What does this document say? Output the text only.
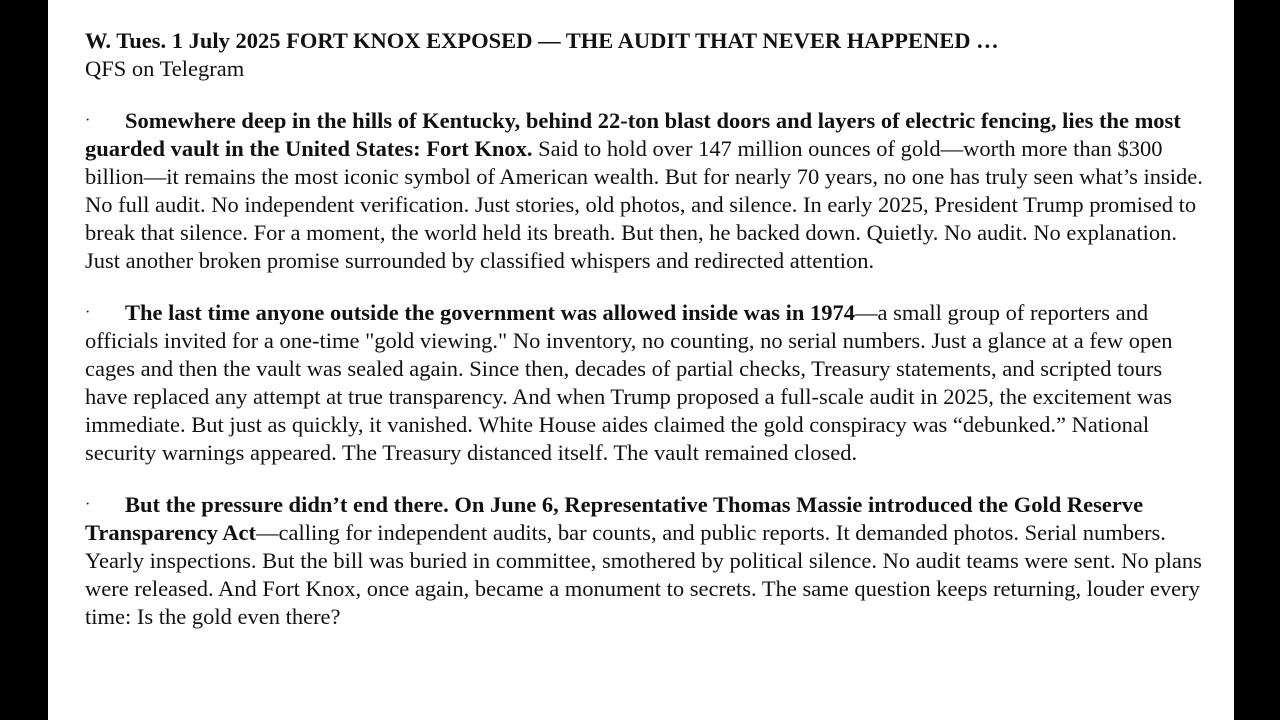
W. Tues. 1 July 2025 FORT KNOX EXPOSED — THE AUDIT THAT NEVER HAPPENED …
QFS on Telegram

· Somewhere deep in the hills of Kentucky, behind 22-ton blast doors and layers of electric fencing, lies the most guarded vault in the United States: Fort Knox. Said to hold over 147 million ounces of gold—worth more than $300 billion—it remains the most iconic symbol of American wealth. But for nearly 70 years, no one has truly seen what’s inside. No full audit. No independent verification. Just stories, old photos, and silence. In early 2025, President Trump promised to break that silence. For a moment, the world held its breath. But then, he backed down. Quietly. No audit. No explanation. Just another broken promise surrounded by classified whispers and redirected attention.

· The last time anyone outside the government was allowed inside was in 1974—a small group of reporters and officials invited for a one-time "gold viewing." No inventory, no counting, no serial numbers. Just a glance at a few open cages and then the vault was sealed again. Since then, decades of partial checks, Treasury statements, and scripted tours have replaced any attempt at true transparency. And when Trump proposed a full-scale audit in 2025, the excitement was immediate. But just as quickly, it vanished. White House aides claimed the gold conspiracy was “debunked.” National security warnings appeared. The Treasury distanced itself. The vault remained closed.

· But the pressure didn’t end there. On June 6, Representative Thomas Massie introduced the Gold Reserve Transparency Act—calling for independent audits, bar counts, and public reports. It demanded photos. Serial numbers. Yearly inspections. But the bill was buried in committee, smothered by political silence. No audit teams were sent. No plans were released. And Fort Knox, once again, became a monument to secrets. The same question keeps returning, louder every time: Is the gold even there?
